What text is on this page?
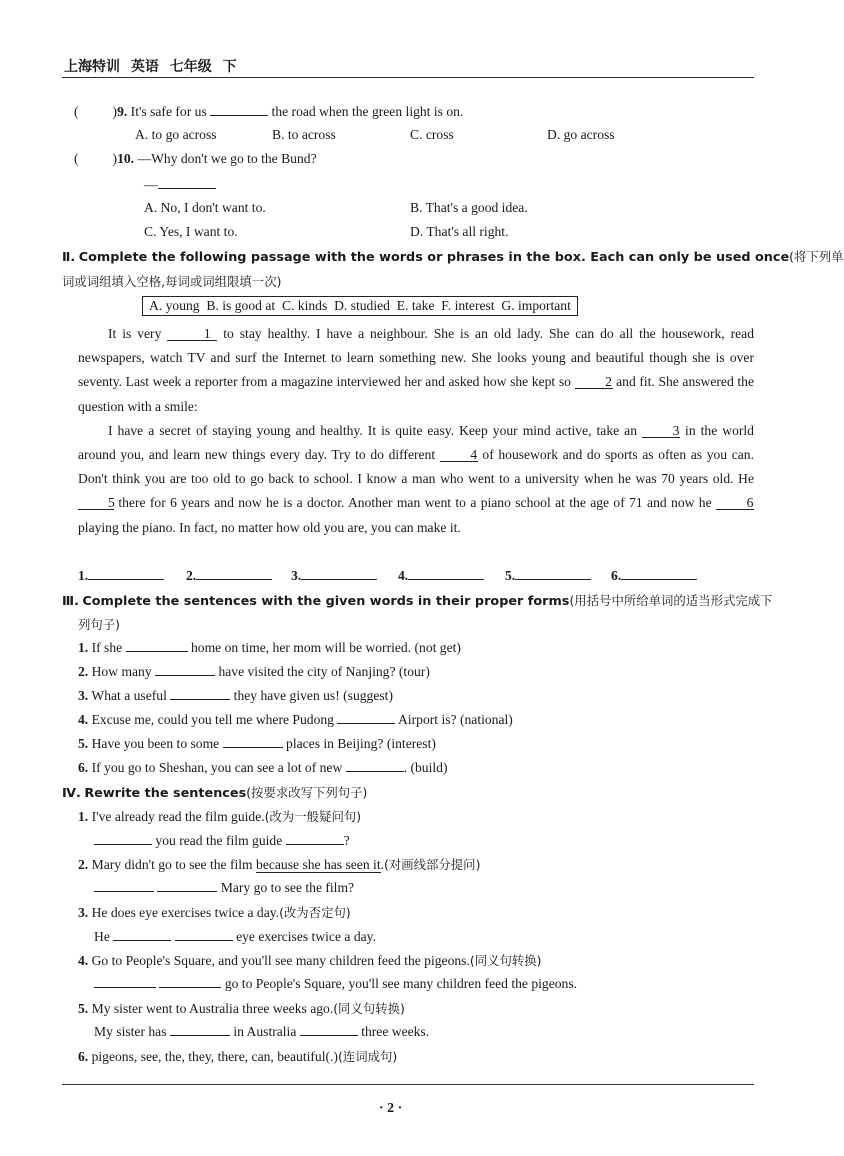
上海特训 英语 七年级 下
(	)9. It's safe for us	the road when the green light is on.
A. to go across	B. to across	C. cross	D. go across
(	)10. —Why don't we go to the Bund?
—
A. No, I don't want to.	B. That's a good idea.
C. Yes, I want to.	D. That's all right.
Ⅱ. Complete the following passage with the words or phrases in the box. Each can only be used once(将下列单
词或词组填入空格,每词或词组限填一次)
A. young B. is good at C. kinds D. studied E. take F. interest G. important

It is very	1 to stay healthy. I have a neighbour. She is an old lady. She can do all the housework, read newspapers, watch TV and surf the Internet to learn something new. She looks young and beautiful though she is over seventy. Last week a reporter from a magazine interviewed her and asked how she kept so	2 and fit. She answered the question with a smile:

I have a secret of staying young and healthy. It is quite easy. Keep your mind active, take an	3 in the world around you, and learn new things every day. Try to do different	4 of housework and do sports as often as you can. Don't think you are too old to go back to school. I know a man who went to a university when he was 70 years old. He 5 there for 6 years and now he is a doctor. Another man went to a piano school at the age of 71 and now he	6 playing the piano. In fact, no matter how old you are, you can make it.

1.	2.	3.	4.	5.	6.
Ⅲ. Complete the sentences with the given words in their proper forms(用括号中所给单词的适当形式完成下
列句子)
1. If she	home on time, her mom will be worried. (not get)
2. How many	have visited the city of Nanjing? (tour)
3. What a useful	they have given us! (suggest)
4. Excuse me, could you tell me where Pudong	Airport is? (national)
5. Have you been to some	places in Beijing? (interest)
6. If you go to Sheshan, you can see a lot of new	. (build)
Ⅳ. Rewrite the sentences(按要求改写下列句子)
1. I've already read the film guide.(改为一般疑问句)
you read the film guide	?
2. Mary didn't go to see the film because she has seen it.(对画线部分提问)
Mary go to see the film?
3. He does eye exercises twice a day.(改为否定句)
He	eye exercises twice a day.
4. Go to People's Square, and you'll see many children feed the pigeons.(同义句转换)
go to People's Square, you'll see many children feed the pigeons.
5. My sister went to Australia three weeks ago.(同义句转换)
My sister has	in Australia	three weeks.
6. pigeons, see, the, they, there, can, beautiful(.)(连词成句)
· 2 ·
